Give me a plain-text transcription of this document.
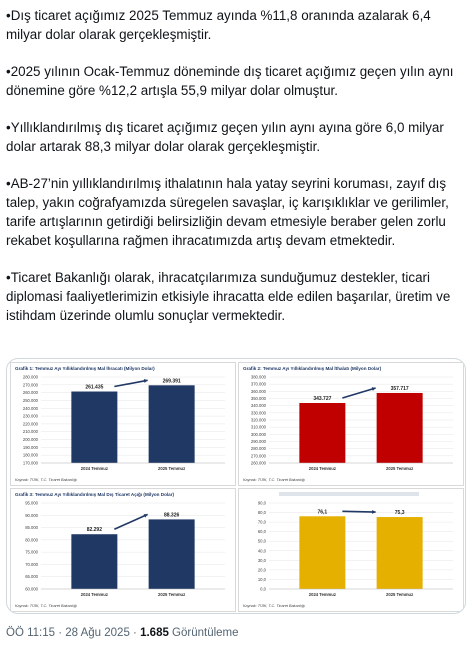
•Dış ticaret açığımız 2025 Temmuz ayında %11,8 oranında azalarak 6,4 milyar dolar olarak gerçekleşmiştir.

•2025 yılının Ocak-Temmuz döneminde dış ticaret açığımız geçen yılın aynı dönemine göre %12,2 artışla 55,9 milyar dolar olmuştur.

•Yıllıklandırılmış dış ticaret açığımız geçen yılın aynı ayına göre 6,0 milyar dolar artarak 88,3 milyar dolar olarak gerçekleşmiştir.

•AB-27’nin yıllıklandırılmış ithalatının hala yatay seyrini koruması, zayıf dış talep, yakın coğrafyamızda süregelen savaşlar, iç karışıklıklar ve gerilimler, tarife artışlarının getirdiği belirsizliğin devam etmesiyle beraber gelen zorlu rekabet koşullarına rağmen ihracatımızda artış devam etmektedir.

•Ticaret Bakanlığı olarak, ihracatçılarımıza sunduğumuz destekler, ticari diplomasi faaliyetlerimizin etkisiyle ihracatta elde edilen başarılar, üretim ve istihdam üzerinde olumlu sonuçlar vermektedir.

Grafik 1: Temmuz Ayı Yıllıklandırılmış Mal İhracatı (Milyon Dolar)
170.000
180.000
190.000
200.000
210.000
220.000
230.000
240.000
250.000
260.000
270.000
280.000
261.435
2024 Temmuz
269.391
2025 Temmuz
Kaynak: TÜİK, T.C. Ticaret Bakanlığı
Grafik 2: Temmuz Ayı Yıllıklandırılmış Mal İthalatı (Milyon Dolar)
260.000
270.000
280.000
290.000
300.000
310.000
320.000
330.000
340.000
350.000
360.000
370.000
380.000
343.727
2024 Temmuz
357.717
2025 Temmuz
Kaynak: TÜİK, T.C. Ticaret Bakanlığı
Grafik 3: Temmuz Ayı Yıllıklandırılmış Mal Dış Ticaret Açığı (Milyon Dolar)
60.000
65.000
70.000
75.000
80.000
85.000
90.000
95.000
82.292
2024 Temmuz
88.326
2025 Temmuz
Kaynak: TÜİK, T.C. Ticaret Bakanlığı
0,0
10,0
20,0
30,0
40,0
50,0
60,0
70,0
80,0
90,0
76,1
2024 Temmuz
75,3
2025 Temmuz
Kaynak: TÜİK, T.C. Ticaret Bakanlığı
ÖÖ 11:15 · 28 Ağu 2025 · 1.685 Görüntüleme
